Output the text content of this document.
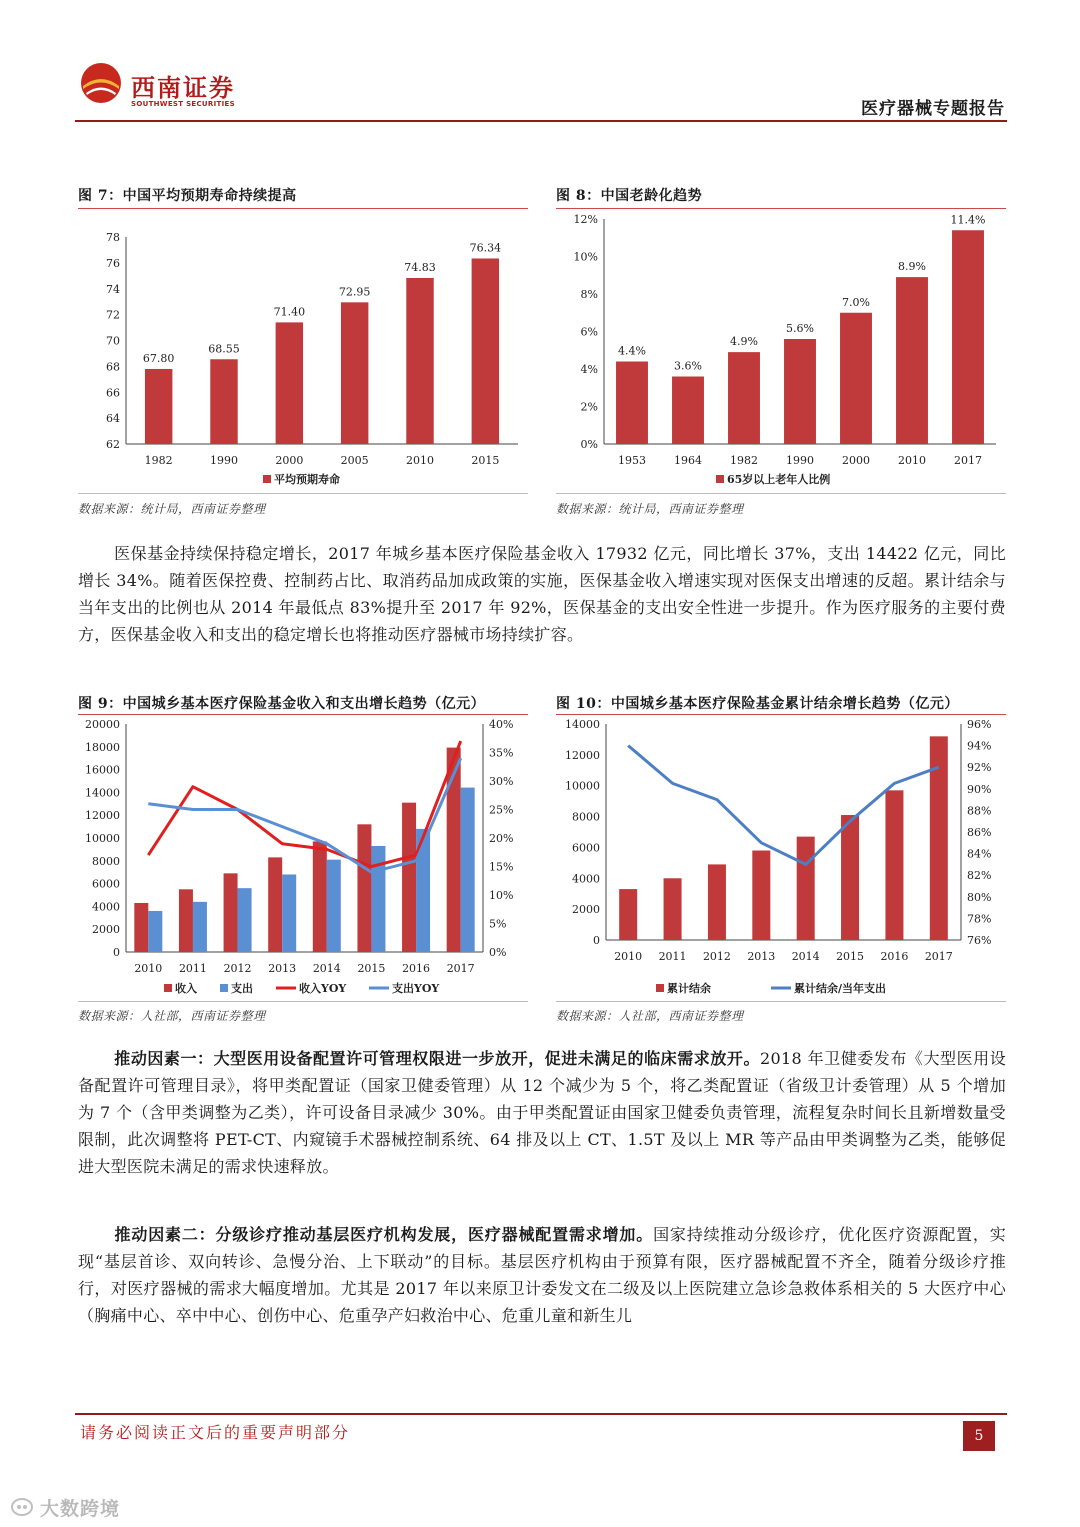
西南证券
SOUTHWEST SECURITIES	医疗器械专题报告
图 7：中国平均预期寿命持续提高
62
64
66
68
70
72
74
76
78
67.80
1982
68.55
1990
71.40
2000
72.95
2005
74.83
2010
76.34
2015
平均预期寿命
数据来源：统计局，西南证券整理
图 8：中国老龄化趋势
0%
2%
4%
6%
8%
10%
12%
4.4%
1953
3.6%
1964
4.9%
1982
5.6%
1990
7.0%
2000
8.9%
2010
11.4%
2017
65岁以上老年人比例
数据来源：统计局，西南证券整理
医保基金持续保持稳定增长，2017 年城乡基本医疗保险基金收入 17932 亿元，同比增长 37%，支出 14422 亿元，同比增长 34%。随着医保控费、控制药占比、取消药品加成政策的实施，医保基金收入增速实现对医保支出增速的反超。累计结余与当年支出的比例也从 2014 年最低点 83%提升至 2017 年 92%，医保基金的支出安全性进一步提升。作为医疗服务的主要付费方，医保基金收入和支出的稳定增长也将推动医疗器械市场持续扩容。
图 9：中国城乡基本医疗保险基金收入和支出增长趋势（亿元）
0
2000
4000
6000
8000
10000
12000
14000
16000
18000
20000
0%
5%
10%
15%
20%
25%
30%
35%
40%
2010 2011 2012 2013 2014 2015 2016 2017
收入	支出	收入YOY	支出YOY
数据来源：人社部，西南证券整理
图 10：中国城乡基本医疗保险基金累计结余增长趋势（亿元）
0
2000
4000
6000
8000
10000
12000
14000
76%
78%
80%
82%
84%
86%
88%
90%
92%
94%
96%
2010 2011 2012 2013 2014 2015 2016 2017
累计结余	累计结余/当年支出
数据来源：人社部，西南证券整理
推动因素一：大型医用设备配置许可管理权限进一步放开，促进未满足的临床需求放开。2018 年卫健委发布《大型医用设备配置许可管理目录》，将甲类配置证（国家卫健委管理）从 12 个减少为 5 个，将乙类配置证（省级卫计委管理）从 5 个增加为 7 个（含甲类调整为乙类），许可设备目录减少 30%。由于甲类配置证由国家卫健委负责管理，流程复杂时间长且新增数量受限制，此次调整将 PET-CT、内窥镜手术器械控制系统、64 排及以上 CT、1.5T 及以上 MR 等产品由甲类调整为乙类，能够促进大型医院未满足的需求快速释放。
推动因素二：分级诊疗推动基层医疗机构发展，医疗器械配置需求增加。国家持续推动分级诊疗，优化医疗资源配置，实现“基层首诊、双向转诊、急慢分治、上下联动”的目标。基层医疗机构由于预算有限，医疗器械配置不齐全，随着分级诊疗推行，对医疗器械的需求大幅度增加。尤其是 2017 年以来原卫计委发文在二级及以上医院建立急诊急救体系相关的 5 大医疗中心（胸痛中心、卒中中心、创伤中心、危重孕产妇救治中心、危重儿童和新生儿
请务必阅读正文后的重要声明部分	5
大数跨境
